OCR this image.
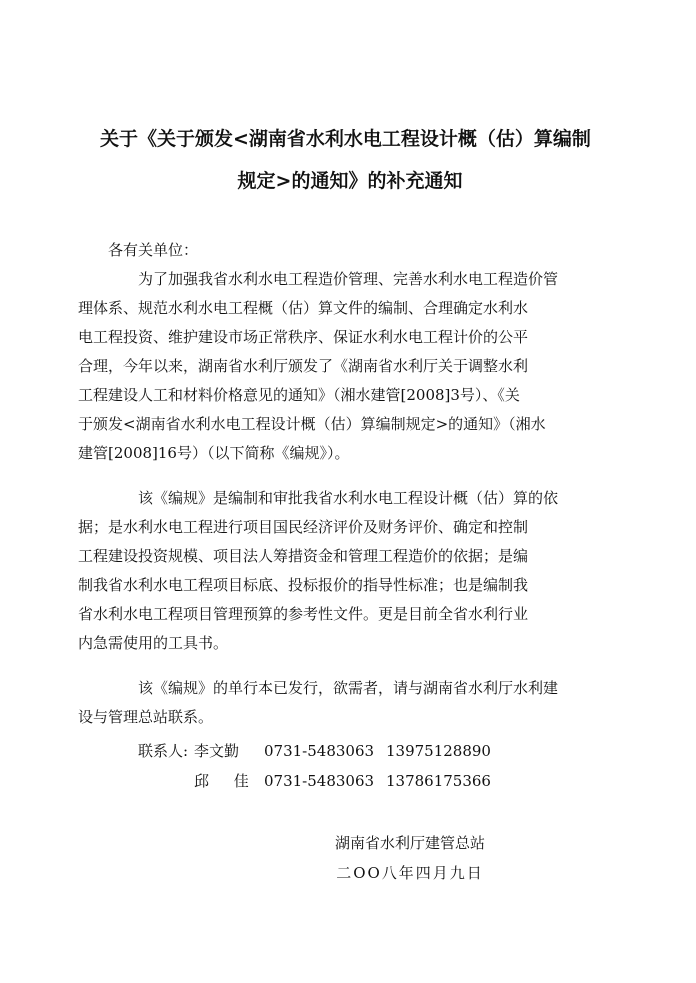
关于《关于颁发<湖南省水利水电工程设计概（估）算编制
规定>的通知》的补充通知
各有关单位：

为了加强我省水利水电工程造价管理、完善水利水电工程造价管

理体系、规范水利水电工程概（估）算文件的编制、合理确定水利水
电工程投资、维护建设市场正常秩序、保证水利水电工程计价的公平
合理，今年以来，湖南省水利厅颁发了《湖南省水利厅关于调整水利
工程建设人工和材料价格意见的通知》（湘水建管[2008]3号）、《关
于颁发<湖南省水利水电工程设计概（估）算编制规定>的通知》（湘水
建管[2008]16号）（以下简称《编规》）。

该《编规》是编制和审批我省水利水电工程设计概（估）算的依

据；是水利水电工程进行项目国民经济评价及财务评价、确定和控制
工程建设投资规模、项目法人筹措资金和管理工程造价的依据；是编
制我省水利水电工程项目标底、投标报价的指导性标准；也是编制我
省水利水电工程项目管理预算的参考性文件。更是目前全省水利行业
内急需使用的工具书。

该《编规》的单行本已发行，欲需者，请与湖南省水利厅水利建

设与管理总站联系。
联系人: 李文勤	0731-5483063 13975128890
邱 佳 0731-5483063 13786175366
湖南省水利厅建管总站
二OO八年四月九日
